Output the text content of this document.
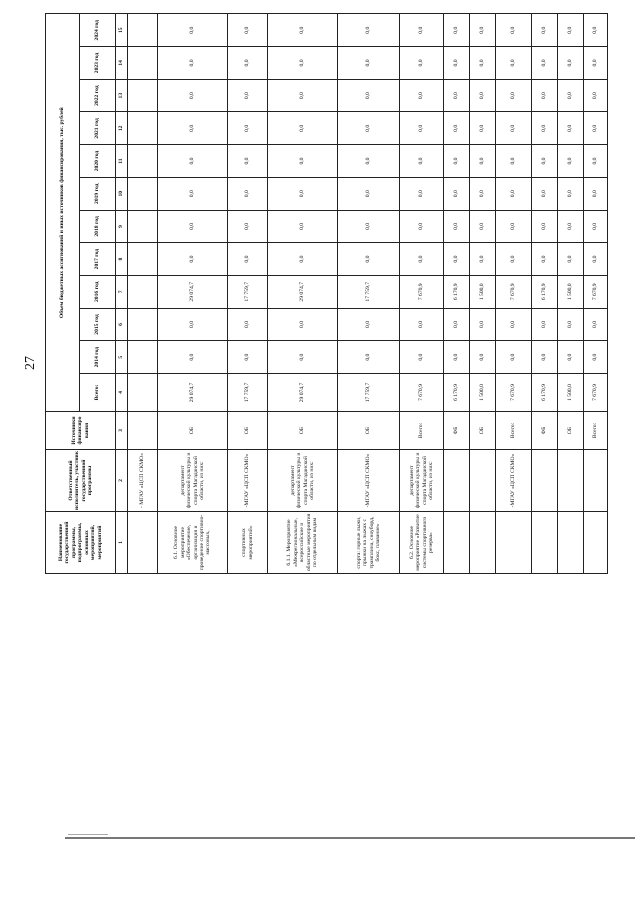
27
Наименование государственной программы, подпрограммы, основных мероприятий, мероприятий	Ответственный исполнитель, участник государственной программы	Источники финансиро вания	Объем бюджетных ассигнований и иных источников финансирования, тыс. рублей											
			Всего:	2014 год	2015 год	2016 год	2017 год	2018 год	2019 год	2020 год	2021 год	2022 год	2023 год	2024 год
1	2	3	4	5	6	7	8	9	10	11	12	13	14	15
	- МГАУ «ЦСП СКМО»													
6.1. Основное мероприятие «Обеспечение, организация и проведение спортивно-массовых,	департамент физической культуры и спорта Магаданской области, из них:	ОБ	29 074,7	0,0	0,0	29 074,7	0,0	0,0	0,0	0,0	0,0	0,0	0,0	0,0
спортивных мероприятий»	-МГАУ «ЦСП СКМО»	ОБ	17 759,7	0,0	0,0	17 759,7	0,0	0,0	0,0	0,0	0,0	0,0	0,0	0,0
6.1.1. Мероприятие «Межрегиональные, всероссийские и областные мероприятия по отдельным видам	департамент физической культуры и спорта Магаданской области, из них:	ОБ	29 074,7	0,0	0,0	29 074,7	0,0	0,0	0,0	0,0	0,0	0,0	0,0	0,0
спорта: горные лыжи, прыжки на лыжах с трамплина, сноуборд, бокс, плавание»	-МГАУ «ЦСП СКМО»	ОБ	17 759,7	0,0	0,0	17 759,7	0,0	0,0	0,0	0,0	0,0	0,0	0,0	0,0
6.2. Основное мероприятие «Развитие системы спортивного резерва»	департамент физической культуры и спорта Магаданской области, из них:	Всего:	7 670,9	0,0	0,0	7 670,9	0,0	0,0	0,0	0,0	0,0	0,0	0,0	0,0
		ФБ	6 170,9	0,0	0,0	6 170,9	0,0	0,0	0,0	0,0	0,0	0,0	0,0	0,0
		ОБ	1 500,0	0,0	0,0	1 500,0	0,0	0,0	0,0	0,0	0,0	0,0	0,0	0,0
	-МГАУ «ЦСП СКМО»	Всего:	7 670,9	0,0	0,0	7 670,9	0,0	0,0	0,0	0,0	0,0	0,0	0,0	0,0
		ФБ	6 170,9	0,0	0,0	6 170,9	0,0	0,0	0,0	0,0	0,0	0,0	0,0	0,0
		ОБ	1 500,0	0,0	0,0	1 500,0	0,0	0,0	0,0	0,0	0,0	0,0	0,0	0,0
		Всего:	7 670,9	0,0	0,0	7 670,9	0,0	0,0	0,0	0,0	0,0	0,0	0,0	0,0
